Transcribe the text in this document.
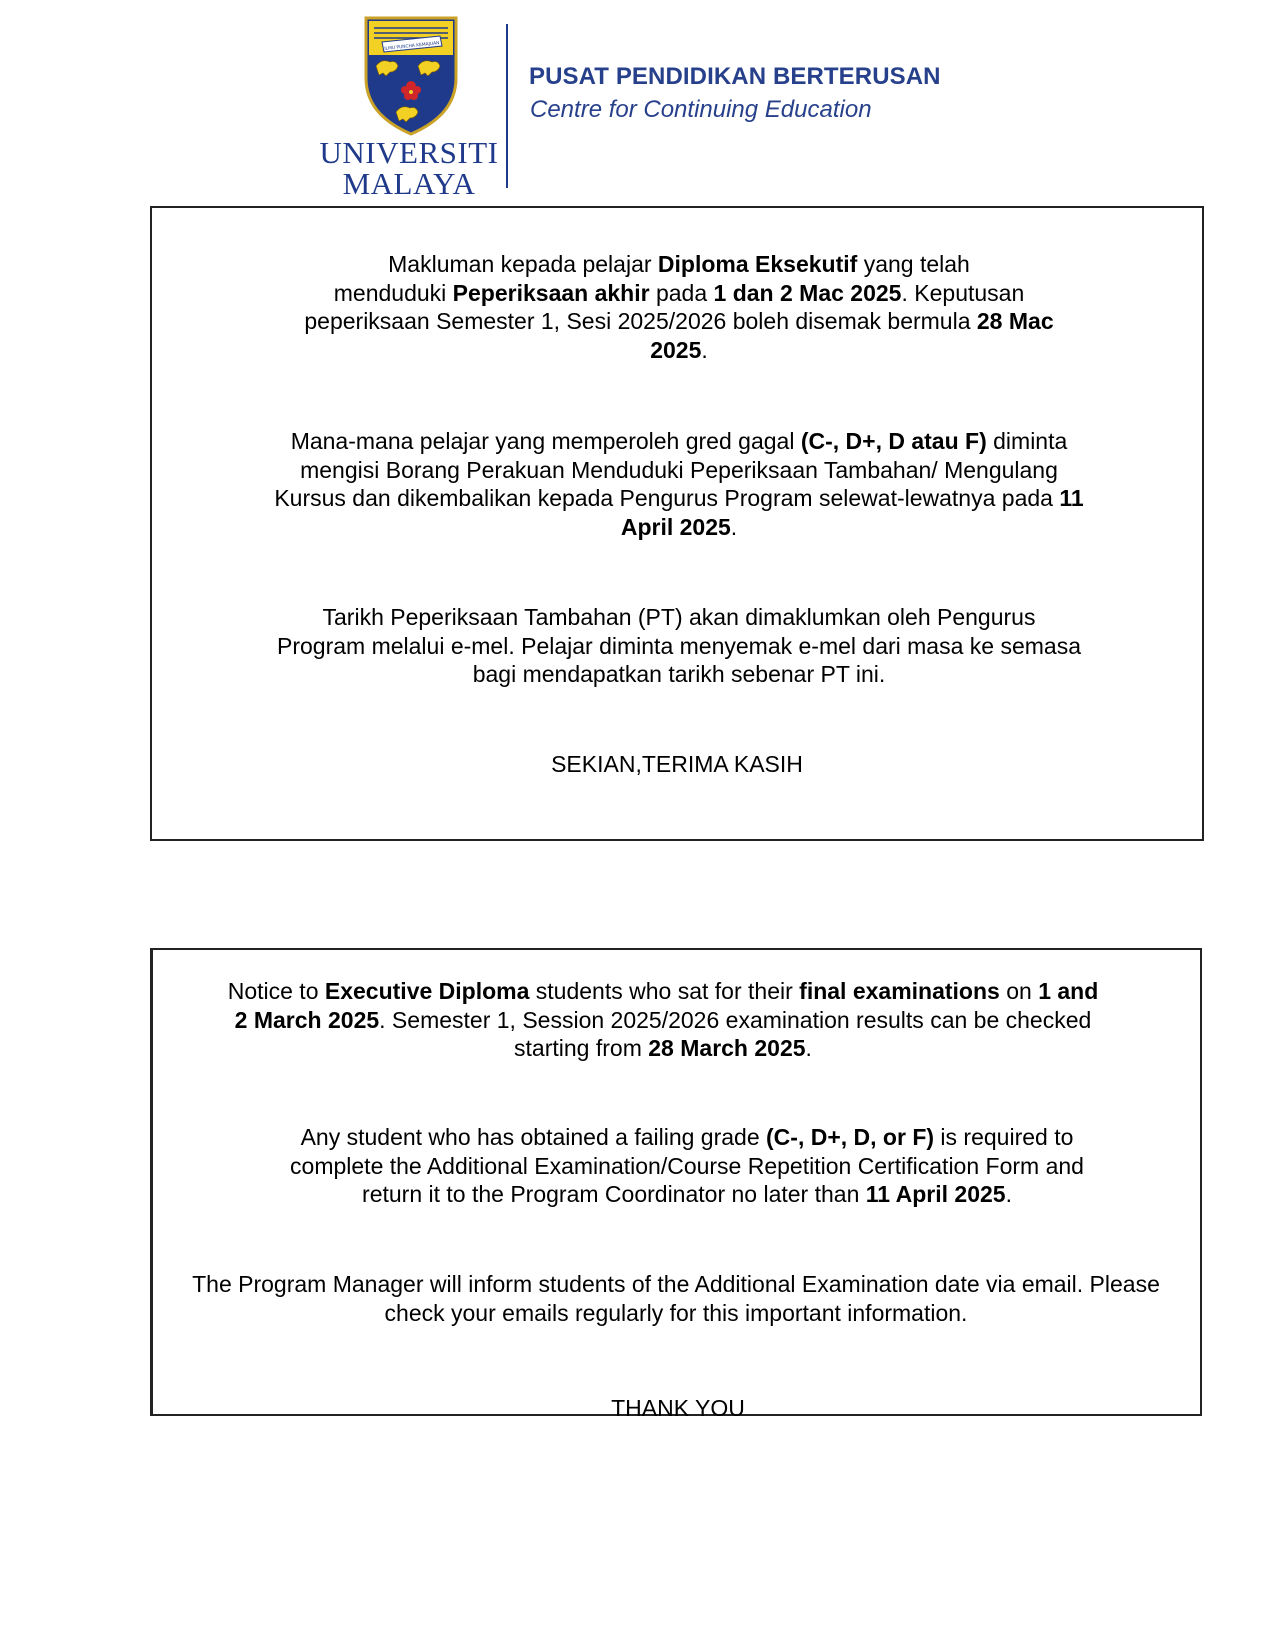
ILMU PUNCHA KEMAJUAN
UNIVERSITI
MALAYA
PUSAT PENDIDIKAN BERTERUSAN
Centre for Continuing Education
Makluman kepada pelajar Diploma Eksekutif yang telah
menduduki Peperiksaan akhir pada 1 dan 2 Mac 2025. Keputusan
peperiksaan Semester 1, Sesi 2025/2026 boleh disemak bermula 28 Mac
2025.
Mana-mana pelajar yang memperoleh gred gagal (C-, D+, D atau F) diminta
mengisi Borang Perakuan Menduduki Peperiksaan Tambahan/ Mengulang
Kursus dan dikembalikan kepada Pengurus Program selewat-lewatnya pada 11
April 2025.
Tarikh Peperiksaan Tambahan (PT) akan dimaklumkan oleh Pengurus
Program melalui e-mel. Pelajar diminta menyemak e-mel dari masa ke semasa
bagi mendapatkan tarikh sebenar PT ini.
SEKIAN,TERIMA KASIH
Notice to Executive Diploma students who sat for their final examinations on 1 and
2 March 2025. Semester 1, Session 2025/2026 examination results can be checked
starting from 28 March 2025.
Any student who has obtained a failing grade (C-, D+, D, or F) is required to
complete the Additional Examination/Course Repetition Certification Form and
return it to the Program Coordinator no later than 11 April 2025.
The Program Manager will inform students of the Additional Examination date via email. Please
check your emails regularly for this important information.
THANK YOU
